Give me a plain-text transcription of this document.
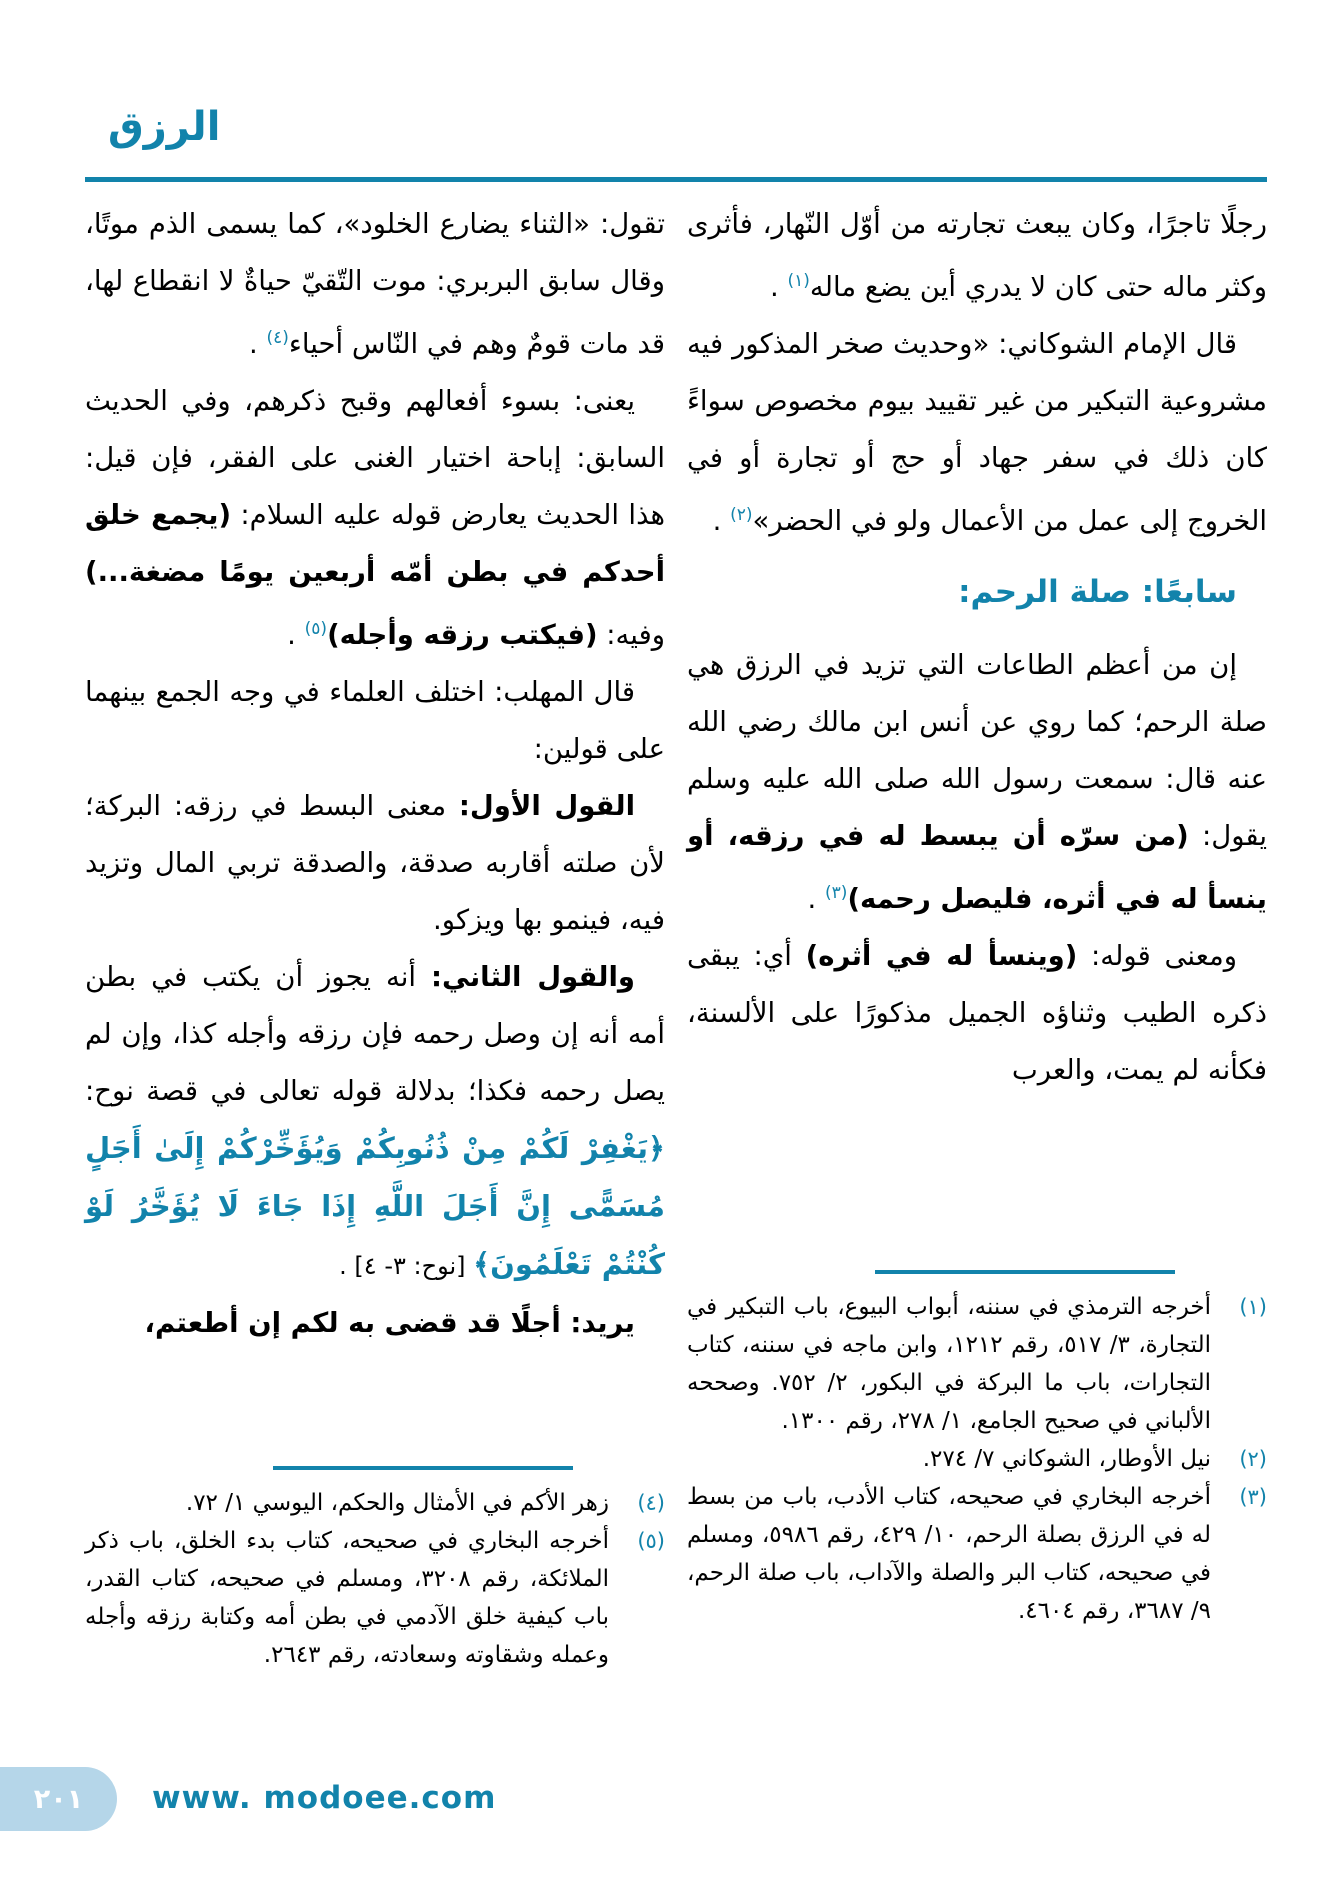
الرزق

رجلًا تاجرًا، وكان يبعث تجارته من أوّل النّهار، فأثرى وكثر ماله حتى كان لا يدري أين يضع ماله$^{(١)}$ .

قال الإمام الشوكاني: «وحديث صخر المذكور فيه مشروعية التبكير من غير تقييد بيوم مخصوص سواءً كان ذلك في سفر جهاد أو حج أو تجارة أو في الخروج إلى عمل من الأعمال ولو في الحضر»$^{(٢)}$ .

سابعًا: صلة الرحم:

إن من أعظم الطاعات التي تزيد في الرزق هي صلة الرحم؛ كما روي عن أنس ابن مالك رضي الله عنه قال: سمعت رسول الله صلى الله عليه وسلم يقول: (من سرّه أن يبسط له في رزقه، أو ينسأ له في أثره، فليصل رحمه)$^{(٣)}$ .

ومعنى قوله: (وينسأ له في أثره) أي: يبقى ذكره الطيب وثناؤه الجميل مذكورًا على الألسنة، فكأنه لم يمت، والعرب

(١)
أخرجه الترمذي في سننه، أبواب البيوع، باب التبكير في التجارة، ٣/ ٥١٧، رقم ١٢١٢، وابن ماجه في سننه، كتاب التجارات، باب ما البركة في البكور، ٢/ ٧٥٢. وصححه الألباني في صحيح الجامع، ١/ ٢٧٨، رقم ١٣٠٠.
(٢)
نيل الأوطار، الشوكاني ٧/ ٢٧٤.
(٣)
أخرجه البخاري في صحيحه، كتاب الأدب، باب من بسط له في الرزق بصلة الرحم، ١٠/ ٤٢٩، رقم ٥٩٨٦، ومسلم في صحيحه، كتاب البر والصلة والآداب، باب صلة الرحم، ٩/ ٣٦٨٧، رقم ٤٦٠٤.

تقول: «الثناء يضارع الخلود»، كما يسمى الذم موتًا، وقال سابق البربري: موت التّقيّ حياةٌ لا انقطاع لها، قد مات قومٌ وهم في النّاس أحياء$^{(٤)}$ .

يعنى: بسوء أفعالهم وقبح ذكرهم، وفي الحديث السابق: إباحة اختيار الغنى على الفقر، فإن قيل: هذا الحديث يعارض قوله عليه السلام: (يجمع خلق أحدكم في بطن أمّه أربعين يومًا مضغة...) وفيه: (فيكتب رزقه وأجله)$^{(٥)}$ .

قال المهلب: اختلف العلماء في وجه الجمع بينهما على قولين:

القول الأول: معنى البسط في رزقه: البركة؛ لأن صلته أقاربه صدقة، والصدقة تربي المال وتزيد فيه، فينمو بها ويزكو.

والقول الثاني: أنه يجوز أن يكتب في بطن أمه أنه إن وصل رحمه فإن رزقه وأجله كذا، وإن لم يصل رحمه فكذا؛ بدلالة قوله تعالى في قصة نوح: ﴿يَغْفِرْ لَكُمْ مِنْ ذُنُوبِكُمْ وَيُؤَخِّرْكُمْ إِلَىٰ أَجَلٍ مُسَمًّى إِنَّ أَجَلَ اللَّهِ إِذَا جَاءَ لَا يُؤَخَّرُ لَوْ كُنْتُمْ تَعْلَمُونَ﴾ [نوح: ٣- ٤] .

يريد: أجلًا قد قضى به لكم إن أطعتم،

(٤)
زهر الأكم في الأمثال والحكم، اليوسي ١/ ٧٢.
(٥)
أخرجه البخاري في صحيحه، كتاب بدء الخلق، باب ذكر الملائكة، رقم ٣٢٠٨، ومسلم في صحيحه، كتاب القدر، باب كيفية خلق الآدمي في بطن أمه وكتابة رزقه وأجله وعمله وشقاوته وسعادته، رقم ٢٦٤٣.
٢٠١ www. modoee.com
